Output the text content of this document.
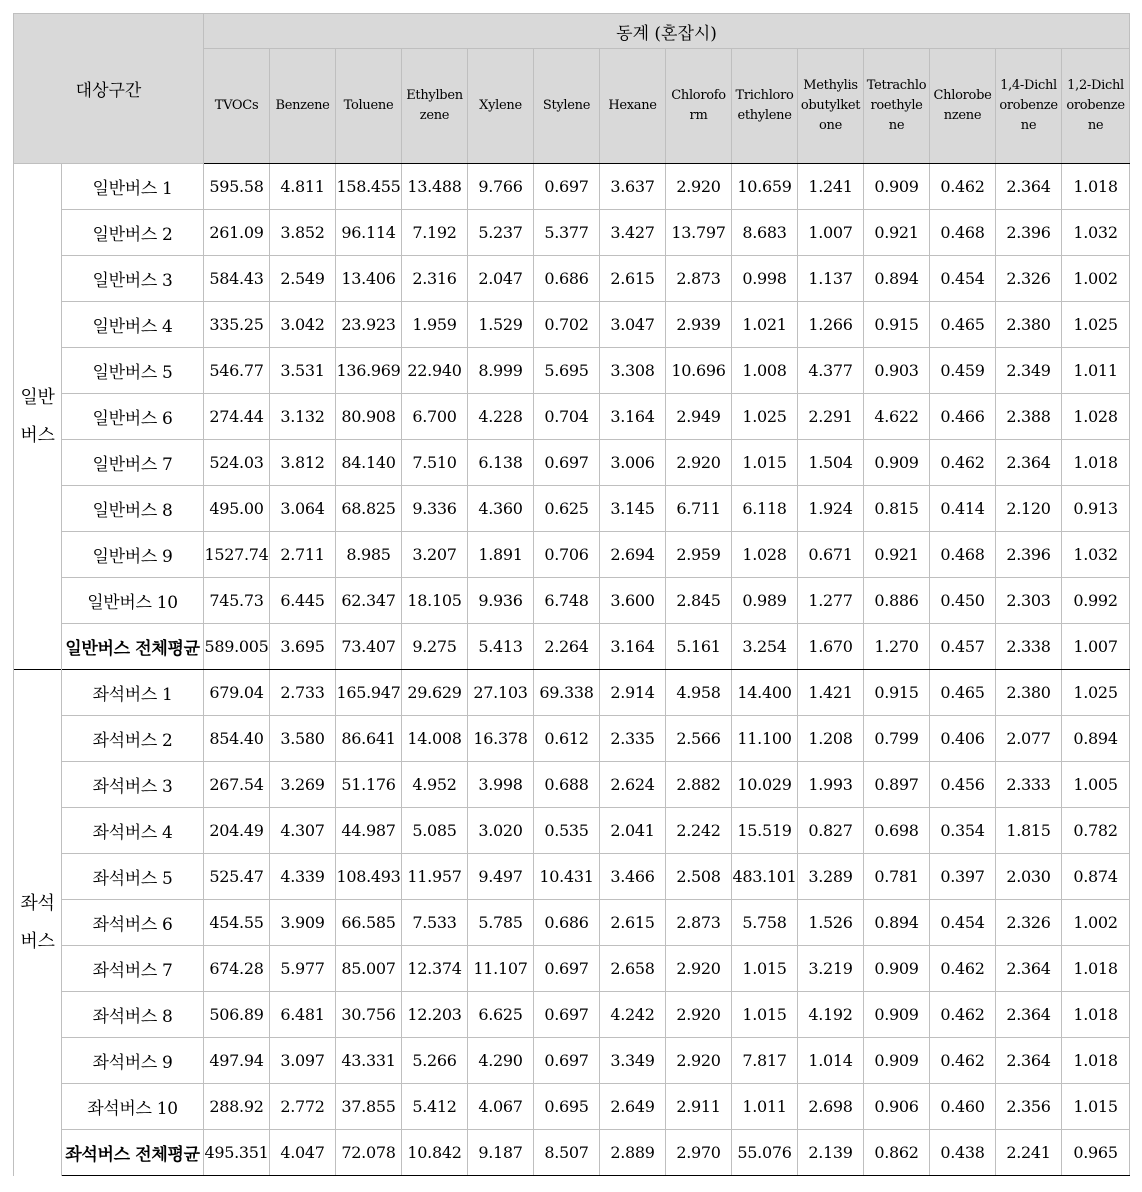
대상구간		동계 (혼잡시)													
		TVOCs	Benzene	Toluene	Ethylbenzene	Xylene	Stylene	Hexane	Chloroform	Trichloroethylene	Methylisobutylketone	Tetrachloroethylene	Chlorobenzene	1,4-Dichlorobenzene	1,2-Dichlorobenzene
일반버스	일반버스 1	595.58	4.811	158.455	13.488	9.766	0.697	3.637	2.920	10.659	1.241	0.909	0.462	2.364	1.018
	일반버스 2	261.09	3.852	96.114	7.192	5.237	5.377	3.427	13.797	8.683	1.007	0.921	0.468	2.396	1.032
	일반버스 3	584.43	2.549	13.406	2.316	2.047	0.686	2.615	2.873	0.998	1.137	0.894	0.454	2.326	1.002
	일반버스 4	335.25	3.042	23.923	1.959	1.529	0.702	3.047	2.939	1.021	1.266	0.915	0.465	2.380	1.025
	일반버스 5	546.77	3.531	136.969	22.940	8.999	5.695	3.308	10.696	1.008	4.377	0.903	0.459	2.349	1.011
	일반버스 6	274.44	3.132	80.908	6.700	4.228	0.704	3.164	2.949	1.025	2.291	4.622	0.466	2.388	1.028
	일반버스 7	524.03	3.812	84.140	7.510	6.138	0.697	3.006	2.920	1.015	1.504	0.909	0.462	2.364	1.018
	일반버스 8	495.00	3.064	68.825	9.336	4.360	0.625	3.145	6.711	6.118	1.924	0.815	0.414	2.120	0.913
	일반버스 9	1527.74	2.711	8.985	3.207	1.891	0.706	2.694	2.959	1.028	0.671	0.921	0.468	2.396	1.032
	일반버스 10	745.73	6.445	62.347	18.105	9.936	6.748	3.600	2.845	0.989	1.277	0.886	0.450	2.303	0.992
	일반버스 전체평균	589.005	3.695	73.407	9.275	5.413	2.264	3.164	5.161	3.254	1.670	1.270	0.457	2.338	1.007
좌석버스	좌석버스 1	679.04	2.733	165.947	29.629	27.103	69.338	2.914	4.958	14.400	1.421	0.915	0.465	2.380	1.025
	좌석버스 2	854.40	3.580	86.641	14.008	16.378	0.612	2.335	2.566	11.100	1.208	0.799	0.406	2.077	0.894
	좌석버스 3	267.54	3.269	51.176	4.952	3.998	0.688	2.624	2.882	10.029	1.993	0.897	0.456	2.333	1.005
	좌석버스 4	204.49	4.307	44.987	5.085	3.020	0.535	2.041	2.242	15.519	0.827	0.698	0.354	1.815	0.782
	좌석버스 5	525.47	4.339	108.493	11.957	9.497	10.431	3.466	2.508	483.101	3.289	0.781	0.397	2.030	0.874
	좌석버스 6	454.55	3.909	66.585	7.533	5.785	0.686	2.615	2.873	5.758	1.526	0.894	0.454	2.326	1.002
	좌석버스 7	674.28	5.977	85.007	12.374	11.107	0.697	2.658	2.920	1.015	3.219	0.909	0.462	2.364	1.018
	좌석버스 8	506.89	6.481	30.756	12.203	6.625	0.697	4.242	2.920	1.015	4.192	0.909	0.462	2.364	1.018
	좌석버스 9	497.94	3.097	43.331	5.266	4.290	0.697	3.349	2.920	7.817	1.014	0.909	0.462	2.364	1.018
	좌석버스 10	288.92	2.772	37.855	5.412	4.067	0.695	2.649	2.911	1.011	2.698	0.906	0.460	2.356	1.015
	좌석버스 전체평균	495.351	4.047	72.078	10.842	9.187	8.507	2.889	2.970	55.076	2.139	0.862	0.438	2.241	0.965
